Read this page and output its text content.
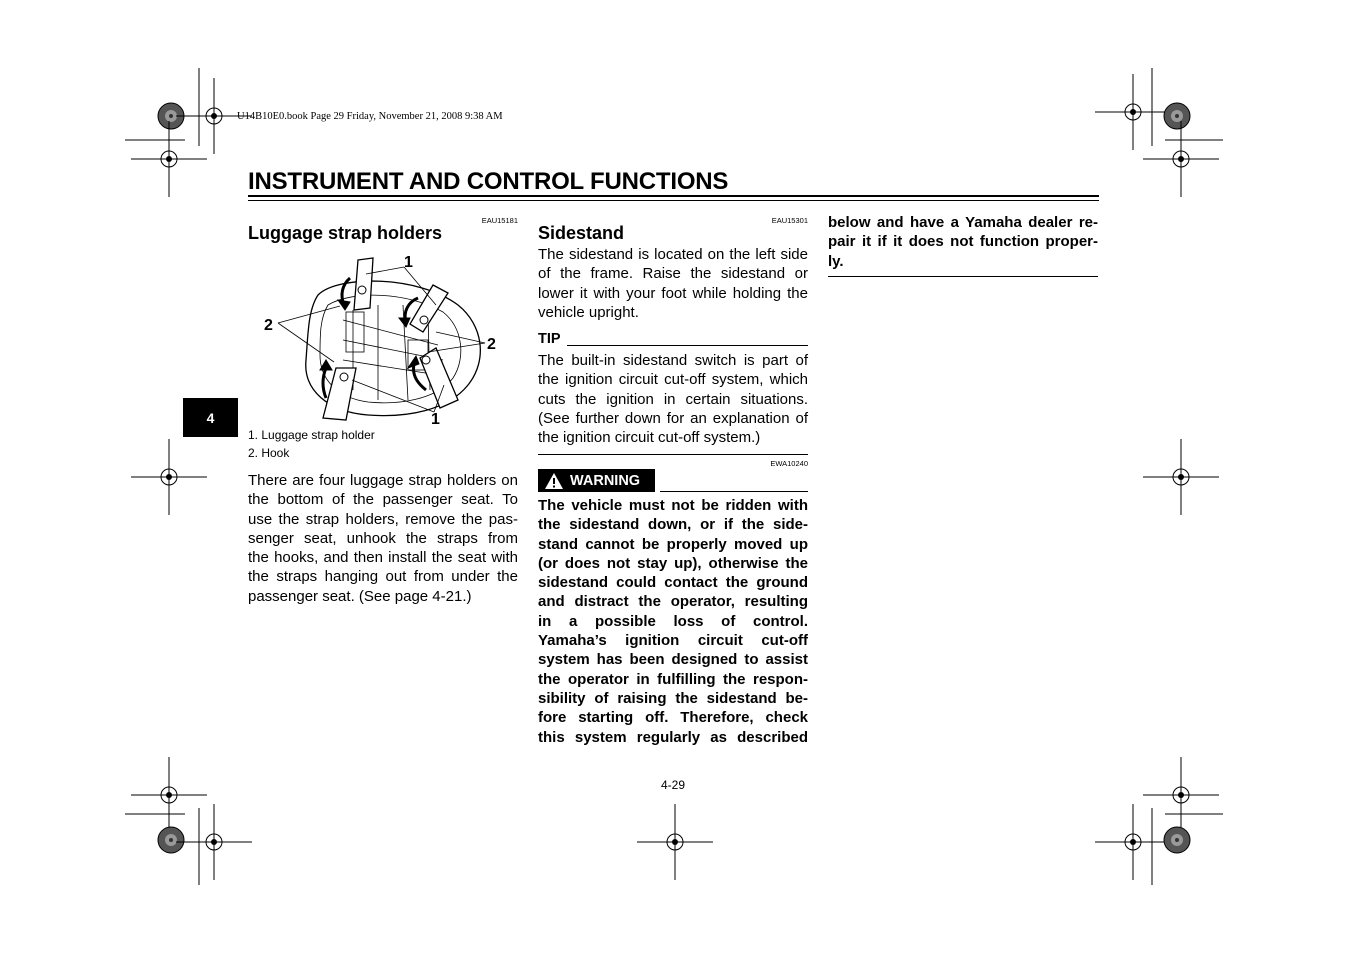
U14B10E0.book Page 29 Friday, November 21, 2008 9:38 AM
INSTRUMENT AND CONTROL FUNCTIONS
4
EAU15181
Luggage strap holders
1
2
2
1
1. Luggage strap holder
2. Hook
There are four luggage strap holders on
the bottom of the passenger seat. To
use the strap holders, remove the pas-
senger seat, unhook the straps from
the hooks, and then install the seat with
the straps hanging out from under the
passenger seat. (See page 4-21.)
EAU15301
Sidestand
The sidestand is located on the left side
of the frame. Raise the sidestand or
lower it with your foot while holding the
vehicle upright.
TIP
The built-in sidestand switch is part of
the ignition circuit cut-off system, which
cuts the ignition in certain situations.
(See further down for an explanation of
the ignition circuit cut-off system.)
EWA10240
WARNING
The vehicle must not be ridden with
the sidestand down, or if the side-
stand cannot be properly moved up
(or does not stay up), otherwise the
sidestand could contact the ground
and distract the operator, resulting
in a possible loss of control.
Yamaha’s ignition circuit cut-off
system has been designed to assist
the operator in fulfilling the respon-
sibility of raising the sidestand be-
fore starting off. Therefore, check
this system regularly as described
below and have a Yamaha dealer re-
pair it if it does not function proper-
ly.
4-29
